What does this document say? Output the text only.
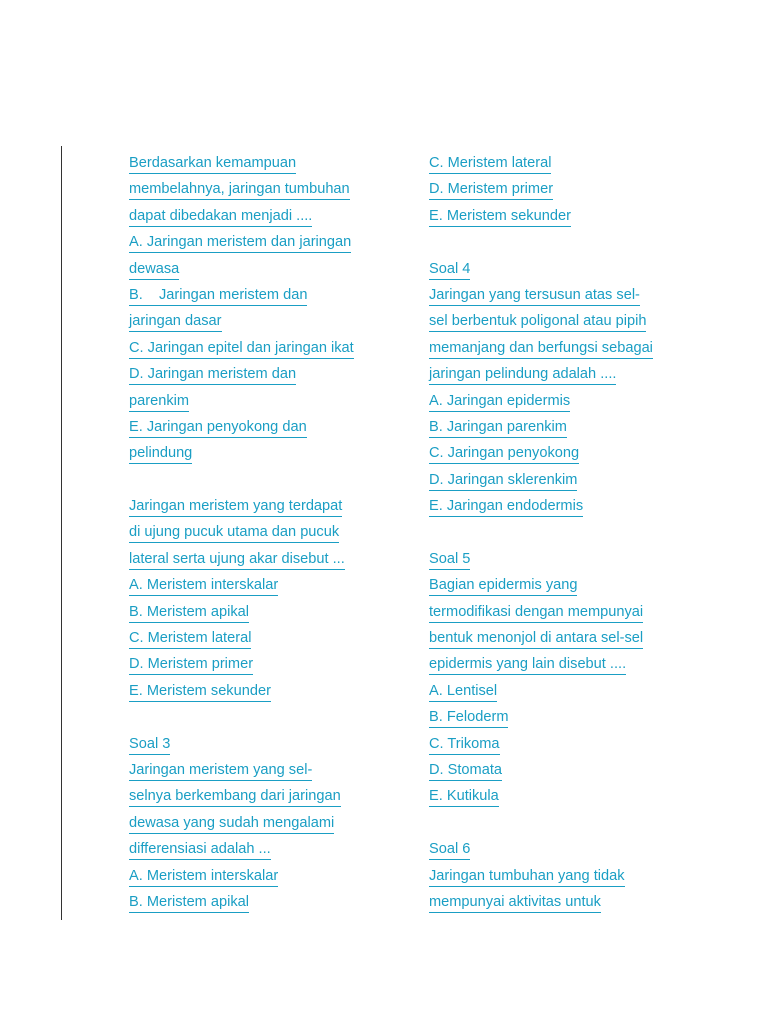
Berdasarkan kemampuan
membelahnya, jaringan tumbuhan
dapat dibedakan menjadi ....
A. Jaringan meristem dan jaringan
dewasa
B.    Jaringan meristem dan
jaringan dasar
C. Jaringan epitel dan jaringan ikat
D. Jaringan meristem dan
parenkim
E. Jaringan penyokong dan
pelindung
Jaringan meristem yang terdapat
di ujung pucuk utama dan pucuk
lateral serta ujung akar disebut ...
A. Meristem interskalar
B. Meristem apikal
C. Meristem lateral
D. Meristem primer
E. Meristem sekunder
Soal 3
Jaringan meristem yang sel-
selnya berkembang dari jaringan
dewasa yang sudah mengalami
differensiasi adalah ...
A. Meristem interskalar
B. Meristem apikal
C. Meristem lateral
D. Meristem primer
E. Meristem sekunder
Soal 4
Jaringan yang tersusun atas sel-
sel berbentuk poligonal atau pipih
memanjang dan berfungsi sebagai
jaringan pelindung adalah ....
A. Jaringan epidermis
B. Jaringan parenkim
C. Jaringan penyokong
D. Jaringan sklerenkim
E. Jaringan endodermis
Soal 5
Bagian epidermis yang
termodifikasi dengan mempunyai
bentuk menonjol di antara sel-sel
epidermis yang lain disebut ....
A. Lentisel
B. Feloderm
C. Trikoma
D. Stomata
E. Kutikula
Soal 6
Jaringan tumbuhan yang tidak
mempunyai aktivitas untuk
